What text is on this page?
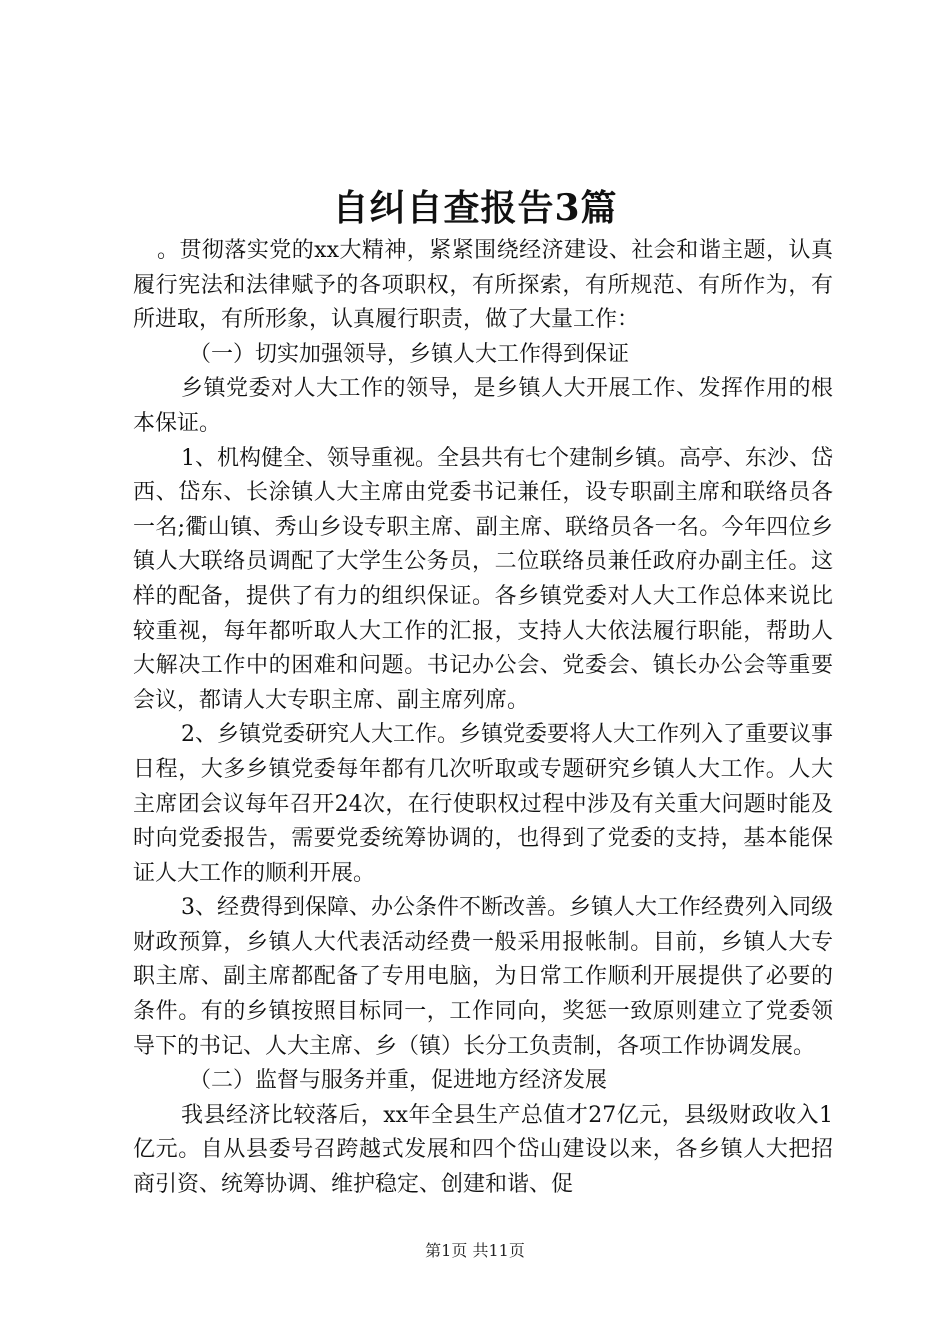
自纠自查报告3篇

。贯彻落实党的xx大精神，紧紧围绕经济建设、社会和谐主题，认真履行宪法和法律赋予的各项职权，有所探索，有所规范、有所作为，有所进取，有所形象，认真履行职责，做了大量工作：

（一）切实加强领导，乡镇人大工作得到保证

乡镇党委对人大工作的领导，是乡镇人大开展工作、发挥作用的根本保证。

1、机构健全、领导重视。全县共有七个建制乡镇。高亭、东沙、岱西、岱东、长涂镇人大主席由党委书记兼任，设专职副主席和联络员各一名;衢山镇、秀山乡设专职主席、副主席、联络员各一名。今年四位乡镇人大联络员调配了大学生公务员，二位联络员兼任政府办副主任。这样的配备，提供了有力的组织保证。各乡镇党委对人大工作总体来说比较重视，每年都听取人大工作的汇报，支持人大依法履行职能，帮助人大解决工作中的困难和问题。书记办公会、党委会、镇长办公会等重要会议，都请人大专职主席、副主席列席。

2、乡镇党委研究人大工作。乡镇党委要将人大工作列入了重要议事日程，大多乡镇党委每年都有几次听取或专题研究乡镇人大工作。人大主席团会议每年召开24次，在行使职权过程中涉及有关重大问题时能及时向党委报告，需要党委统筹协调的，也得到了党委的支持，基本能保证人大工作的顺利开展。

3、经费得到保障、办公条件不断改善。乡镇人大工作经费列入同级财政预算，乡镇人大代表活动经费一般采用报帐制。目前，乡镇人大专职主席、副主席都配备了专用电脑，为日常工作顺利开展提供了必要的条件。有的乡镇按照目标同一，工作同向，奖惩一致原则建立了党委领导下的书记、人大主席、乡（镇）长分工负责制，各项工作协调发展。

（二）监督与服务并重，促进地方经济发展

我县经济比较落后，xx年全县生产总值才27亿元，县级财政收入1亿元。自从县委号召跨越式发展和四个岱山建设以来，各乡镇人大把招商引资、统筹协调、维护稳定、创建和谐、促

第1页 共11页
